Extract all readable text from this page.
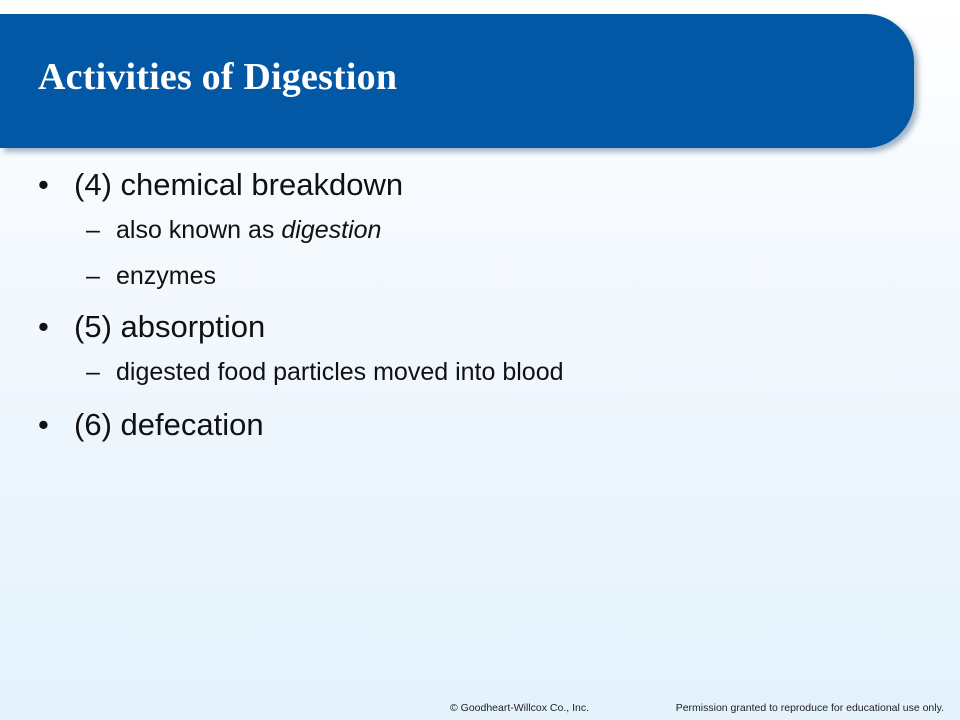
Activities of Digestion
• (4) chemical breakdown
– also known as digestion
– enzymes
• (5) absorption
– digested food particles moved into blood
• (6) defecation
© Goodheart-Willcox Co., Inc.	Permission granted to reproduce for educational use only.
